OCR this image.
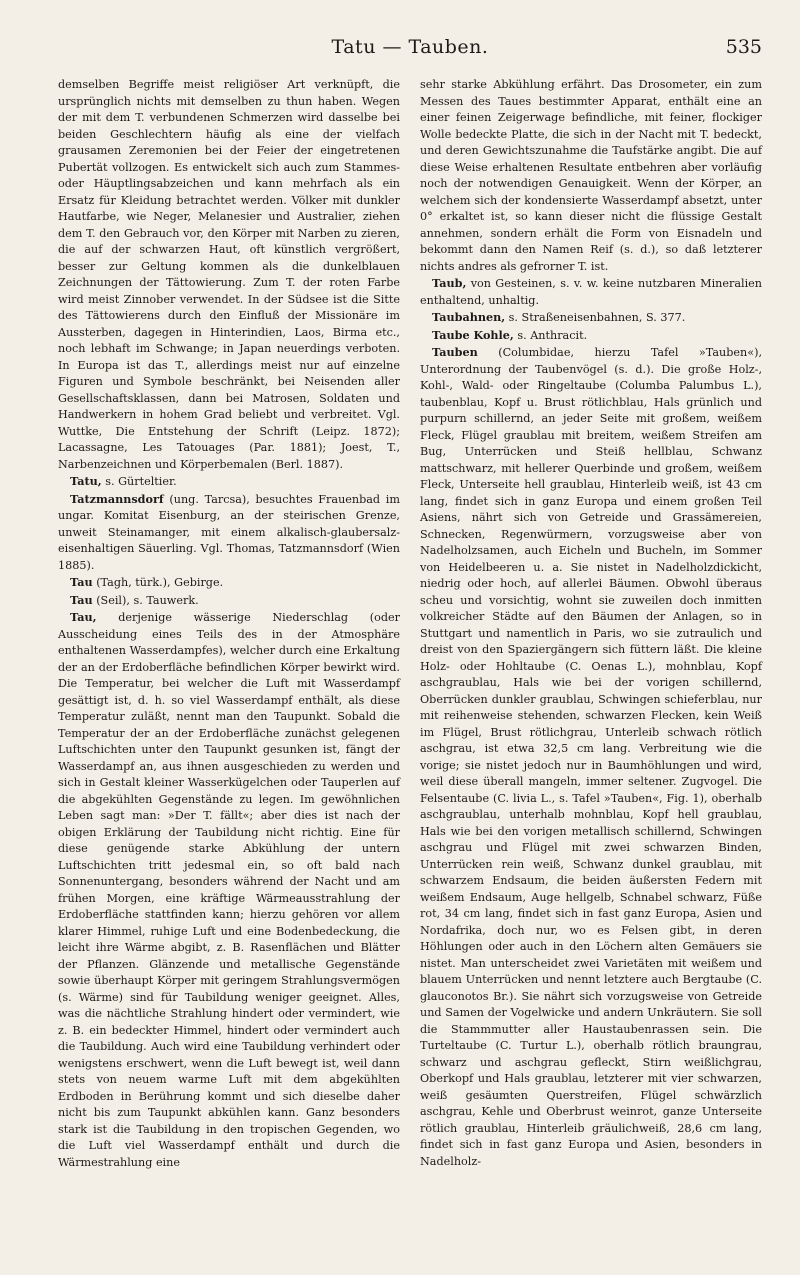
Tatu — Tauben.	535

demselben Begriffe meist religiöser Art verknüpft, die ursprünglich nichts mit demselben zu thun haben. Wegen der mit dem T. verbundenen Schmerzen wird dasselbe bei beiden Geschlechtern häufig als eine der vielfach grausamen Zeremonien bei der Feier der eingetretenen Pubertät vollzogen. Es entwickelt sich auch zum Stammes- oder Häuptlingsabzeichen und kann mehrfach als ein Ersatz für Kleidung betrachtet werden. Völker mit dunkler Hautfarbe, wie Neger, Melanesier und Australier, ziehen dem T. den Gebrauch vor, den Körper mit Narben zu zieren, die auf der schwarzen Haut, oft künstlich vergrößert, besser zur Geltung kommen als die dunkelblauen Zeichnungen der Tättowierung. Zum T. der roten Farbe wird meist Zinnober verwendet. In der Südsee ist die Sitte des Tättowierens durch den Einfluß der Missionäre im Aussterben, dagegen in Hinterindien, Laos, Birma etc., noch lebhaft im Schwange; in Japan neuerdings verboten. In Europa ist das T., allerdings meist nur auf einzelne Figuren und Symbole beschränkt, bei Neisenden aller Gesellschaftsklassen, dann bei Matrosen, Soldaten und Handwerkern in hohem Grad beliebt und verbreitet. Vgl. Wuttke, Die Entstehung der Schrift (Leipz. 1872); Lacassagne, Les Tatouages (Par. 1881); Joest, T., Narbenzeichnen und Körperbemalen (Berl. 1887).

Tatu, s. Gürteltier.

Tatzmannsdorf (ung. Tarcsa), besuchtes Frauenbad im ungar. Komitat Eisenburg, an der steirischen Grenze, unweit Steinamanger, mit einem alkalisch-glaubersalz-eisenhaltigen Säuerling. Vgl. Thomas, Tatzmannsdorf (Wien 1885).

Tau (Tagh, türk.), Gebirge.

Tau (Seil), s. Tauwerk.

Tau, derjenige wässerige Niederschlag (oder Ausscheidung eines Teils des in der Atmosphäre enthaltenen Wasserdampfes), welcher durch eine Erkaltung der an der Erdoberfläche befindlichen Körper bewirkt wird. Die Temperatur, bei welcher die Luft mit Wasserdampf gesättigt ist, d. h. so viel Wasserdampf enthält, als diese Temperatur zuläßt, nennt man den Taupunkt. Sobald die Temperatur der an der Erdoberfläche zunächst gelegenen Luftschichten unter den Taupunkt gesunken ist, fängt der Wasserdampf an, aus ihnen ausgeschieden zu werden und sich in Gestalt kleiner Wasserkügelchen oder Tauperlen auf die abgekühlten Gegenstände zu legen. Im gewöhnlichen Leben sagt man: »Der T. fällt«; aber dies ist nach der obigen Erklärung der Taubildung nicht richtig. Eine für diese genügende starke Abkühlung der untern Luftschichten tritt jedesmal ein, so oft bald nach Sonnenuntergang, besonders während der Nacht und am frühen Morgen, eine kräftige Wärmeausstrahlung der Erdoberfläche stattfinden kann; hierzu gehören vor allem klarer Himmel, ruhige Luft und eine Bodenbedeckung, die leicht ihre Wärme abgibt, z. B. Rasenflächen und Blätter der Pflanzen. Glänzende und metallische Gegenstände sowie überhaupt Körper mit geringem Strahlungsvermögen (s. Wärme) sind für Taubildung weniger geeignet. Alles, was die nächtliche Strahlung hindert oder vermindert, wie z. B. ein bedeckter Himmel, hindert oder vermindert auch die Taubildung. Auch wird eine Taubildung verhindert oder wenigstens erschwert, wenn die Luft bewegt ist, weil dann stets von neuem warme Luft mit dem abgekühlten Erdboden in Berührung kommt und sich dieselbe daher nicht bis zum Taupunkt abkühlen kann. Ganz besonders stark ist die Taubildung in den tropischen Gegenden, wo die Luft viel Wasserdampf enthält und durch die Wärmestrahlung eine

sehr starke Abkühlung erfährt. Das Drosometer, ein zum Messen des Taues bestimmter Apparat, enthält eine an einer feinen Zeigerwage befindliche, mit feiner, flockiger Wolle bedeckte Platte, die sich in der Nacht mit T. bedeckt, und deren Gewichtszunahme die Taufstärke angibt. Die auf diese Weise erhaltenen Resultate entbehren aber vorläufig noch der notwendigen Genauigkeit. Wenn der Körper, an welchem sich der kondensierte Wasserdampf absetzt, unter 0° erkaltet ist, so kann dieser nicht die flüssige Gestalt annehmen, sondern erhält die Form von Eisnadeln und bekommt dann den Namen Reif (s. d.), so daß letzterer nichts andres als gefrorner T. ist.

Taub, von Gesteinen, s. v. w. keine nutzbaren Mineralien enthaltend, unhaltig.

Taubahnen, s. Straßeneisenbahnen, S. 377.

Taube Kohle, s. Anthracit.

Tauben (Columbidae, hierzu Tafel »Tauben«), Unterordnung der Taubenvögel (s. d.). Die große Holz-, Kohl-, Wald- oder Ringeltaube (Columba Palumbus L.), taubenblau, Kopf u. Brust rötlichblau, Hals grünlich und purpurn schillernd, an jeder Seite mit großem, weißem Fleck, Flügel graublau mit breitem, weißem Streifen am Bug, Unterrücken und Steiß hellblau, Schwanz mattschwarz, mit hellerer Querbinde und großem, weißem Fleck, Unterseite hell graublau, Hinterleib weiß, ist 43 cm lang, findet sich in ganz Europa und einem großen Teil Asiens, nährt sich von Getreide und Grassämereien, Schnecken, Regenwürmern, vorzugsweise aber von Nadelholzsamen, auch Eicheln und Bucheln, im Sommer von Heidelbeeren u. a. Sie nistet in Nadelholzdickicht, niedrig oder hoch, auf allerlei Bäumen. Obwohl überaus scheu und vorsichtig, wohnt sie zuweilen doch inmitten volkreicher Städte auf den Bäumen der Anlagen, so in Stuttgart und namentlich in Paris, wo sie zutraulich und dreist von den Spaziergängern sich füttern läßt. Die kleine Holz- oder Hohltaube (C. Oenas L.), mohnblau, Kopf aschgraublau, Hals wie bei der vorigen schillernd, Oberrücken dunkler graublau, Schwingen schieferblau, nur mit reihenweise stehenden, schwarzen Flecken, kein Weiß im Flügel, Brust rötlichgrau, Unterleib schwach rötlich aschgrau, ist etwa 32,5 cm lang. Verbreitung wie die vorige; sie nistet jedoch nur in Baumhöhlungen und wird, weil diese überall mangeln, immer seltener. Zugvogel. Die Felsentaube (C. livia L., s. Tafel »Tauben«, Fig. 1), oberhalb aschgraublau, unterhalb mohnblau, Kopf hell graublau, Hals wie bei den vorigen metallisch schillernd, Schwingen aschgrau und Flügel mit zwei schwarzen Binden, Unterrücken rein weiß, Schwanz dunkel graublau, mit schwarzem Endsaum, die beiden äußersten Federn mit weißem Endsaum, Auge hellgelb, Schnabel schwarz, Füße rot, 34 cm lang, findet sich in fast ganz Europa, Asien und Nordafrika, doch nur, wo es Felsen gibt, in deren Höhlungen oder auch in den Löchern alten Gemäuers sie nistet. Man unterscheidet zwei Varietäten mit weißem und blauem Unterrücken und nennt letztere auch Bergtaube (C. glauconotos Br.). Sie nährt sich vorzugsweise von Getreide und Samen der Vogelwicke und andern Unkräutern. Sie soll die Stammmutter aller Haustaubenrassen sein. Die Turteltaube (C. Turtur L.), oberhalb rötlich braungrau, schwarz und aschgrau gefleckt, Stirn weißlichgrau, Oberkopf und Hals graublau, letzterer mit vier schwarzen, weiß gesäumten Querstreifen, Flügel schwärzlich aschgrau, Kehle und Oberbrust weinrot, ganze Unterseite rötlich graublau, Hinterleib gräulichweiß, 28,6 cm lang, findet sich in fast ganz Europa und Asien, besonders in Nadelholz-
